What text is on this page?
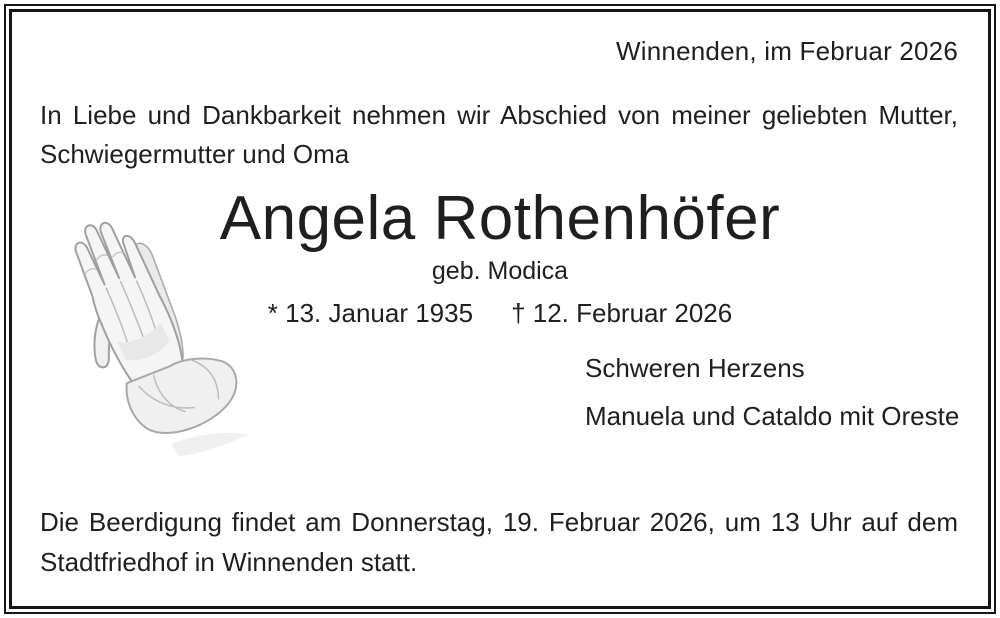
Winnenden, im Februar 2026
In Liebe und Dankbarkeit nehmen wir Abschied von meiner geliebten Mutter,
Schwiegermutter und Oma
Angela Rothenhöfer
geb. Modica
* 13. Januar 1935 † 12. Februar 2026
Schweren Herzens
Manuela und Cataldo mit Oreste
Die Beerdigung findet am Donnerstag, 19. Februar 2026, um 13 Uhr auf dem
Stadtfriedhof in Winnenden statt.
